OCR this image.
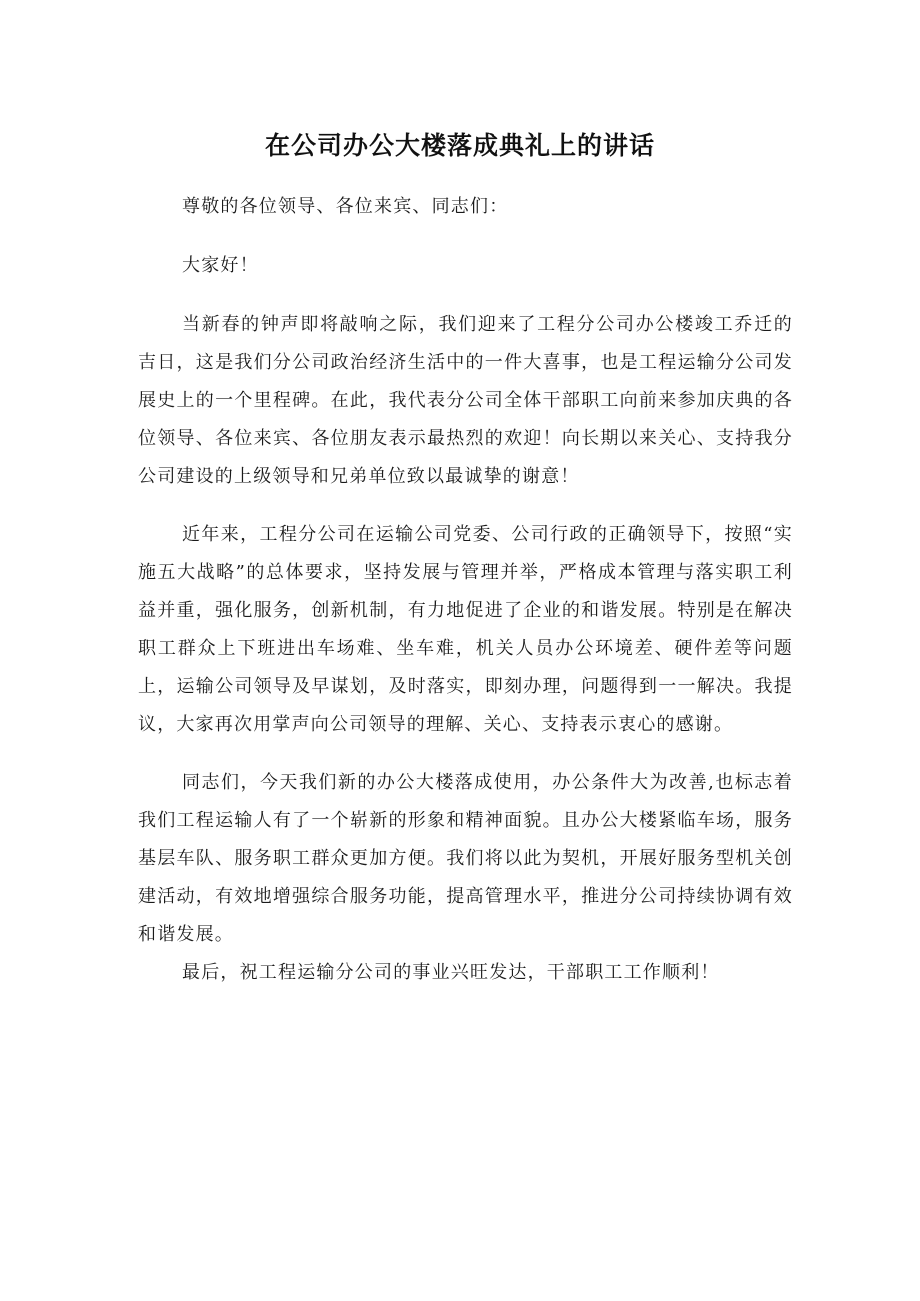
在公司办公大楼落成典礼上的讲话

尊敬的各位领导、各位来宾、同志们：

大家好！

当新春的钟声即将敲响之际，我们迎来了工程分公司办公楼竣工乔迁的吉日，这是我们分公司政治经济生活中的一件大喜事，也是工程运输分公司发展史上的一个里程碑。在此，我代表分公司全体干部职工向前来参加庆典的各位领导、各位来宾、各位朋友表示最热烈的欢迎！向长期以来关心、支持我分公司建设的上级领导和兄弟单位致以最诚挚的谢意！

近年来，工程分公司在运输公司党委、公司行政的正确领导下，按照“实施五大战略”的总体要求，坚持发展与管理并举，严格成本管理与落实职工利益并重，强化服务，创新机制，有力地促进了企业的和谐发展。特别是在解决职工群众上下班进出车场难、坐车难，机关人员办公环境差、硬件差等问题上，运输公司领导及早谋划，及时落实，即刻办理，问题得到一一解决。我提议，大家再次用掌声向公司领导的理解、关心、支持表示衷心的感谢。

同志们，今天我们新的办公大楼落成使用，办公条件大为改善,也标志着我们工程运输人有了一个崭新的形象和精神面貌。且办公大楼紧临车场，服务基层车队、服务职工群众更加方便。我们将以此为契机，开展好服务型机关创建活动，有效地增强综合服务功能，提高管理水平，推进分公司持续协调有效和谐发展。

最后，祝工程运输分公司的事业兴旺发达，干部职工工作顺利！
